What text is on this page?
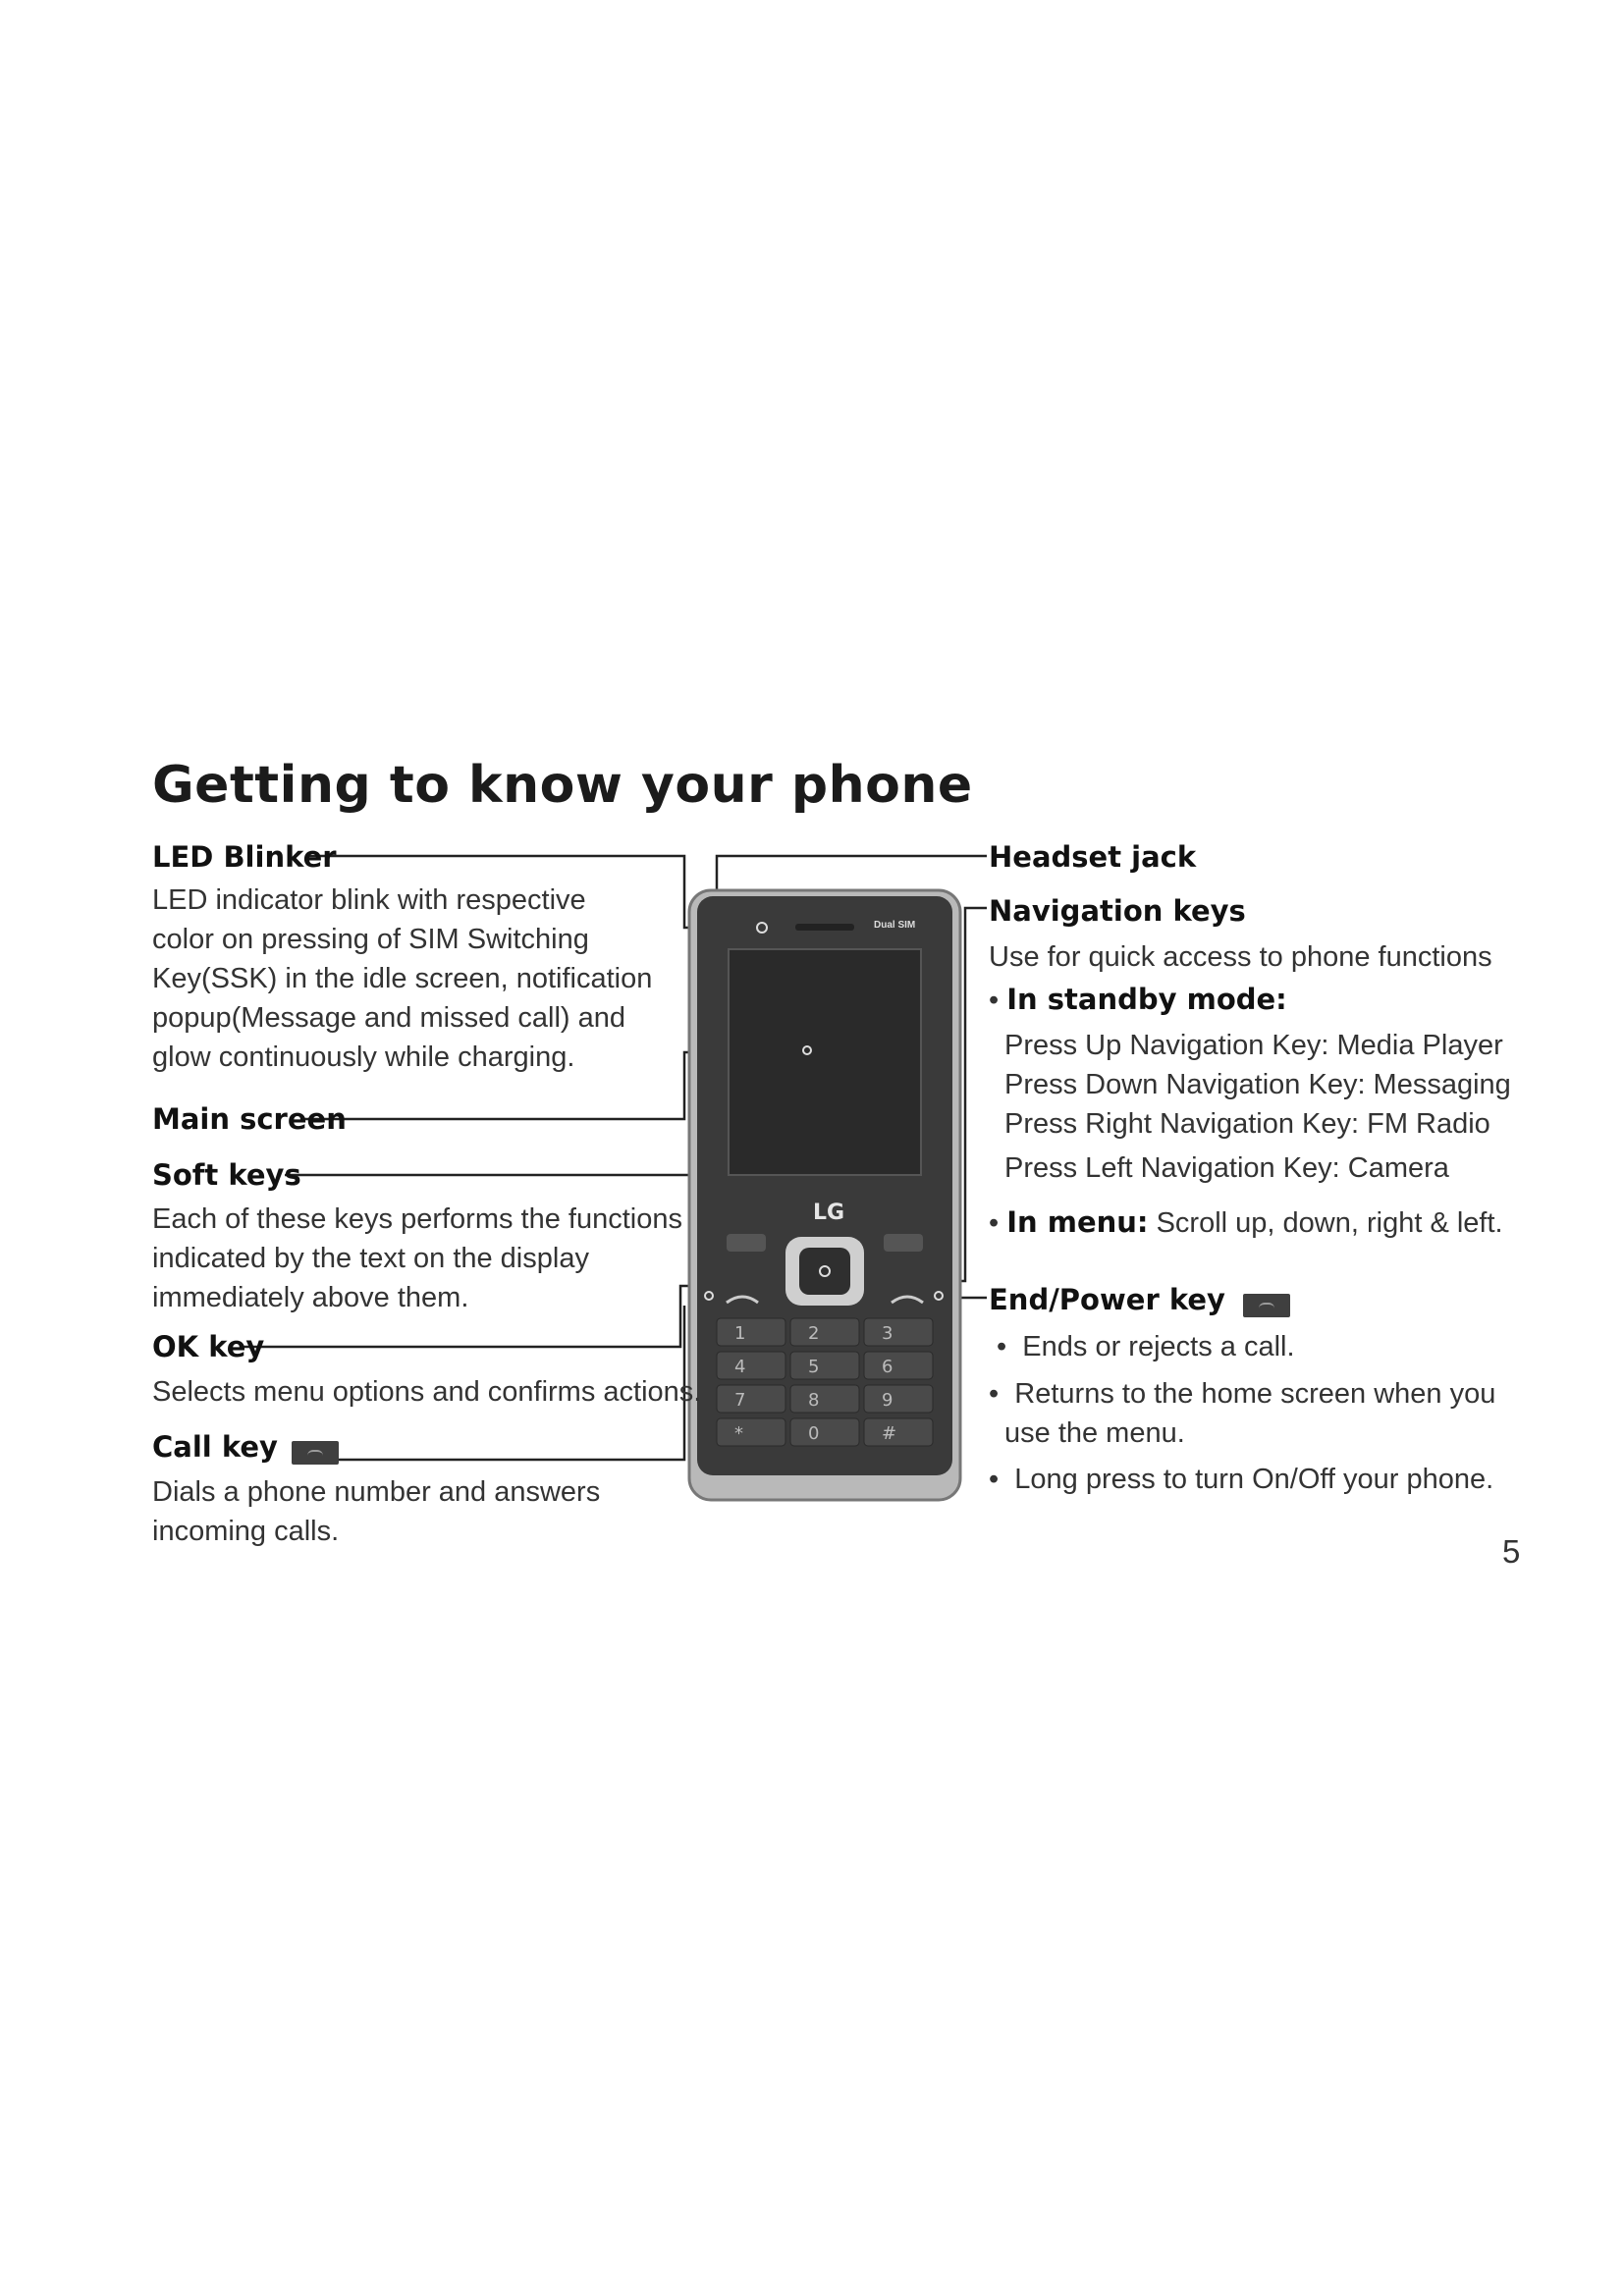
Getting to know your phone
1	2	3
4	5	6
7	8	9
*	0	#
Dual SIM
LG
LED Blinker
LED indicator blink with respective
color on pressing of SIM Switching
Key(SSK) in the idle screen, notification
popup(Message and missed call) and
glow continuously while charging.
Main screen
Soft keys
Each of these keys performs the functions
indicated by the text on the display
immediately above them.
OK key
Selects menu options and confirms actions.
Call key
Dials a phone number and answers
incoming calls.
Headset jack
Navigation keys
Use for quick access to phone functions
• In standby mode:
Press Up Navigation Key: Media Player
Press Down Navigation Key: Messaging
Press Right Navigation Key: FM Radio
Press Left Navigation Key: Camera
• In menu: Scroll up, down, right & left.
End/Power key
•  Ends or rejects a call.
•  Returns to the home screen when you
use the menu.
•  Long press to turn On/Off your phone.
5
